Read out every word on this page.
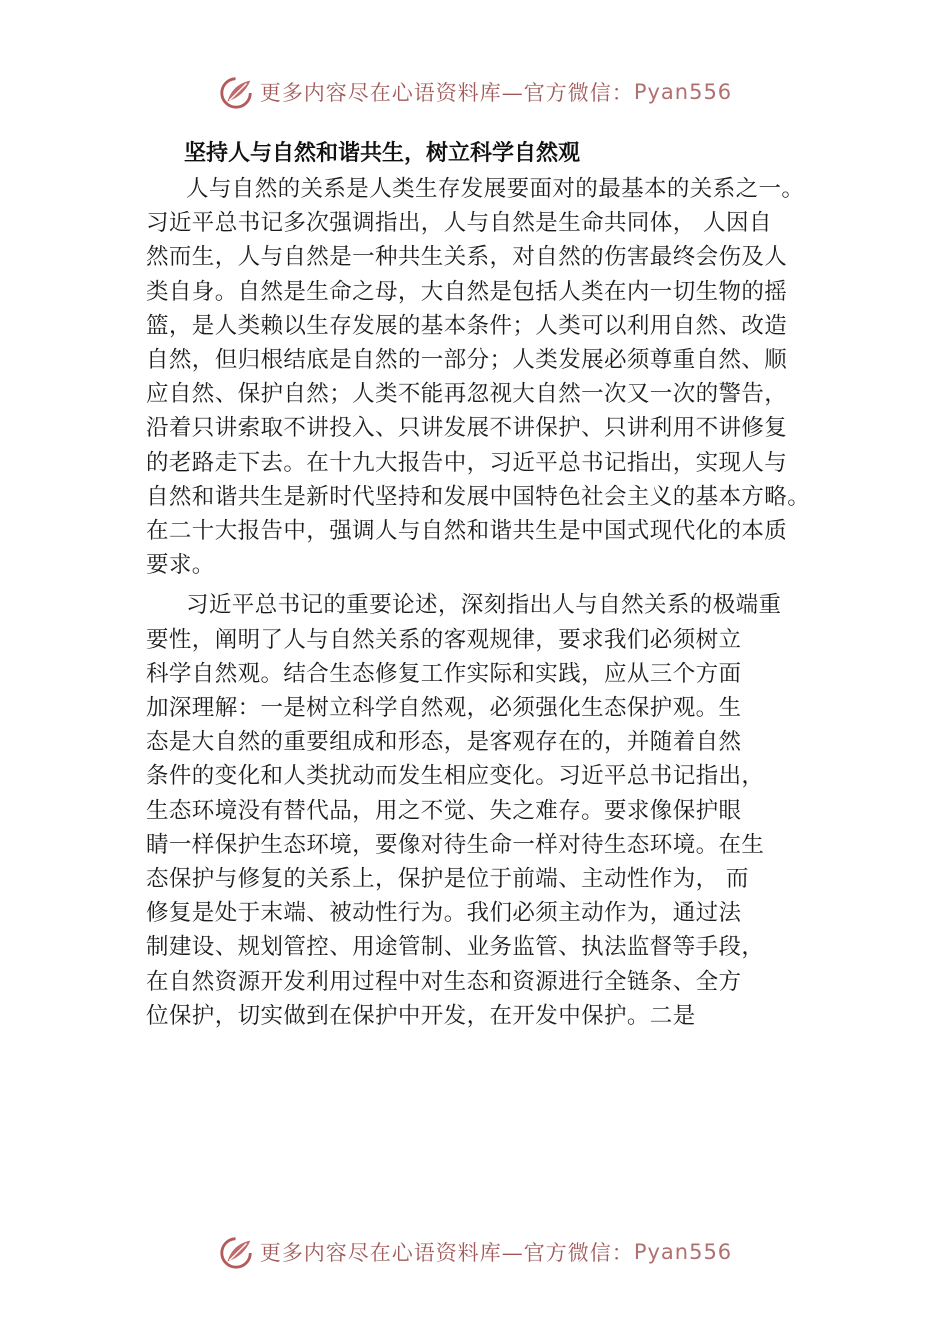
更多内容尽在心语资料库—官方微信： Pyan556
坚持人与自然和谐共生，树立科学自然观
人与自然的关系是人类生存发展要面对的最基本的关系之一。
习近平总书记多次强调指出，人与自然是生命共同体， 人因自
然而生，人与自然是一种共生关系，对自然的伤害最终会伤及人
类自身。自然是生命之母，大自然是包括人类在内一切生物的摇
篮，是人类赖以生存发展的基本条件；人类可以利用自然、改造
自然，但归根结底是自然的一部分；人类发展必须尊重自然、顺
应自然、保护自然；人类不能再忽视大自然一次又一次的警告，
沿着只讲索取不讲投入、只讲发展不讲保护、只讲利用不讲修复
的老路走下去。在十九大报告中，习近平总书记指出，实现人与
自然和谐共生是新时代坚持和发展中国特色社会主义的基本方略。
在二十大报告中，强调人与自然和谐共生是中国式现代化的本质
要求。
习近平总书记的重要论述，深刻指出人与自然关系的极端重
要性，阐明了人与自然关系的客观规律，要求我们必须树立
科学自然观。结合生态修复工作实际和实践，应从三个方面
加深理解：一是树立科学自然观，必须强化生态保护观。生
态是大自然的重要组成和形态，是客观存在的，并随着自然
条件的变化和人类扰动而发生相应变化。习近平总书记指出，
生态环境没有替代品，用之不觉、失之难存。要求像保护眼
睛一样保护生态环境，要像对待生命一样对待生态环境。在生
态保护与修复的关系上，保护是位于前端、主动性作为， 而
修复是处于末端、被动性行为。我们必须主动作为，通过法
制建设、规划管控、用途管制、业务监管、执法监督等手段，
在自然资源开发利用过程中对生态和资源进行全链条、全方
位保护，切实做到在保护中开发，在开发中保护。二是
更多内容尽在心语资料库—官方微信： Pyan556
